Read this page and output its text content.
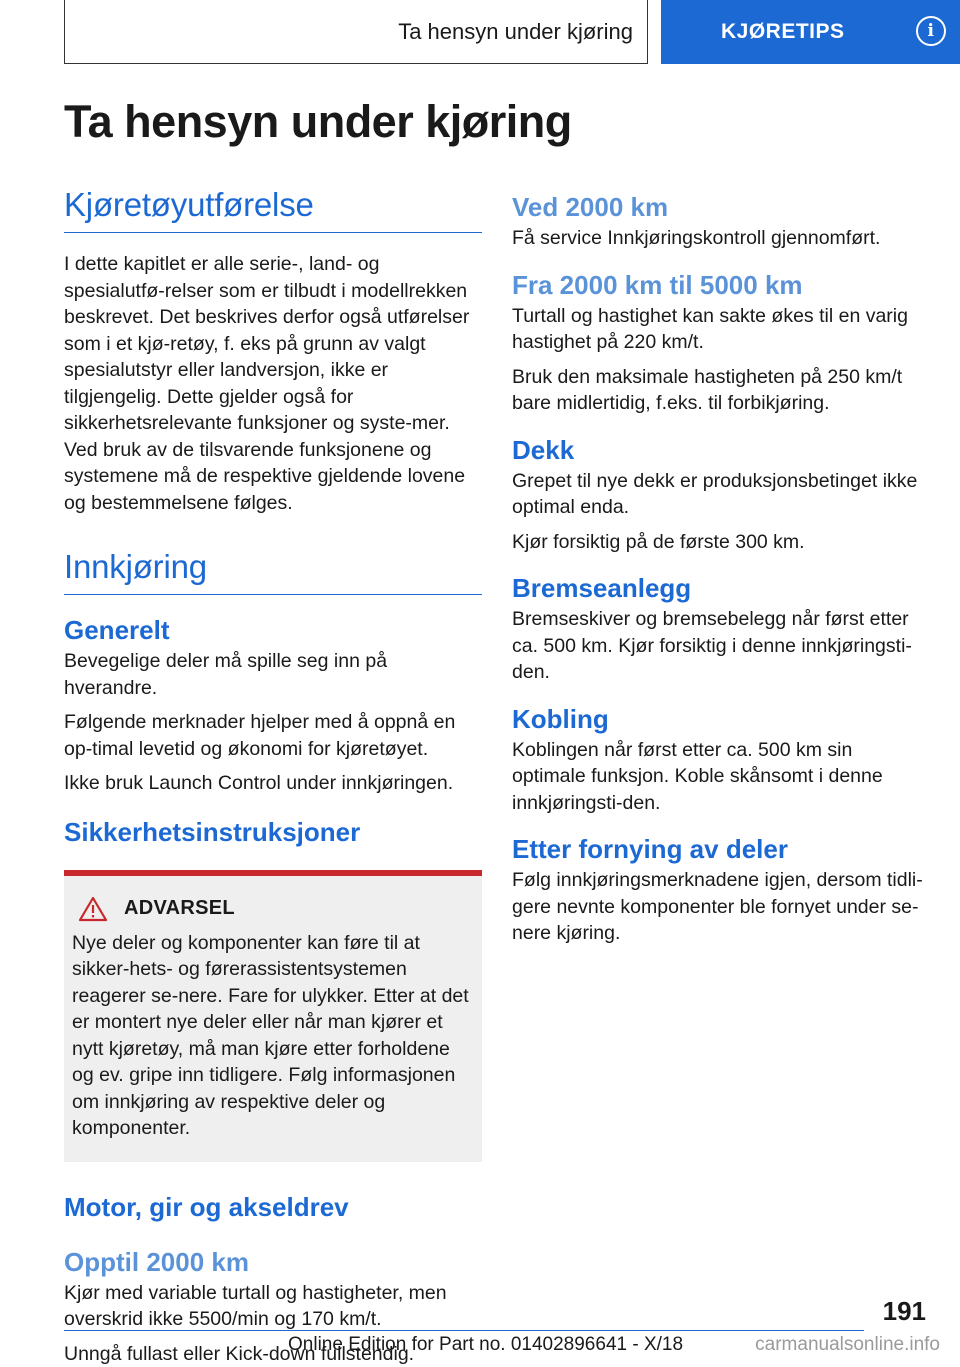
Ta hensyn under kjøring	KJØRETIPS	i
Ta hensyn under kjøring
Kjøretøyutførelse

I dette kapitlet er alle serie-, land- og spesialutfø‐relser som er tilbudt i modellrekken beskrevet. Det beskrives derfor også utførelser som i et kjø‐retøy, f. eks på grunn av valgt spesialutstyr eller landversjon, ikke er tilgjengelig. Dette gjelder også for sikkerhetsrelevante funksjoner og syste‐mer. Ved bruk av de tilsvarende funksjonene og systemene må de respektive gjeldende lovene og bestemmelsene følges.

Innkjøring
Generelt

Bevegelige deler må spille seg inn på hverandre.

Følgende merknader hjelper med å oppnå en op‐timal levetid og økonomi for kjøretøyet.

Ikke bruk Launch Control under innkjøringen.

Sikkerhetsinstruksjoner
ADVARSEL

Nye deler og komponenter kan føre til at sikker‐hets- og førerassistentsystemen reagerer se‐nere. Fare for ulykker. Etter at det er montert nye deler eller når man kjører et nytt kjøretøy, må man kjøre etter forholdene og ev. gripe inn tidligere. Følg informasjonen om innkjøring av respektive deler og komponenter.

Motor, gir og akseldrev
Opptil 2000 km

Kjør med variable turtall og hastigheter, men overskrid ikke 5500/min og 170 km/t.

Unngå fullast eller Kick-down fullstendig.

Ved 2000 km

Få service Innkjøringskontroll gjennomført.

Fra 2000 km til 5000 km

Turtall og hastighet kan sakte økes til en varig hastighet på 220 km/t.

Bruk den maksimale hastigheten på 250 km/t bare midlertidig, f.eks. til forbikjøring.

Dekk

Grepet til nye dekk er produksjonsbetinget ikke optimal enda.

Kjør forsiktig på de første 300 km.

Bremseanlegg

Bremseskiver og bremsebelegg når først etter ca. 500 km. Kjør forsiktig i denne innkjøringsti‐den.

Kobling

Koblingen når først etter ca. 500 km sin optimale funksjon. Koble skånsomt i denne innkjøringsti‐den.

Etter fornying av deler

Følg innkjøringsmerknadene igjen, dersom tidli‐gere nevnte komponenter ble fornyet under se‐nere kjøring.

191
Online Edition for Part no. 01402896641 - X/18	carmanualsonline.info
